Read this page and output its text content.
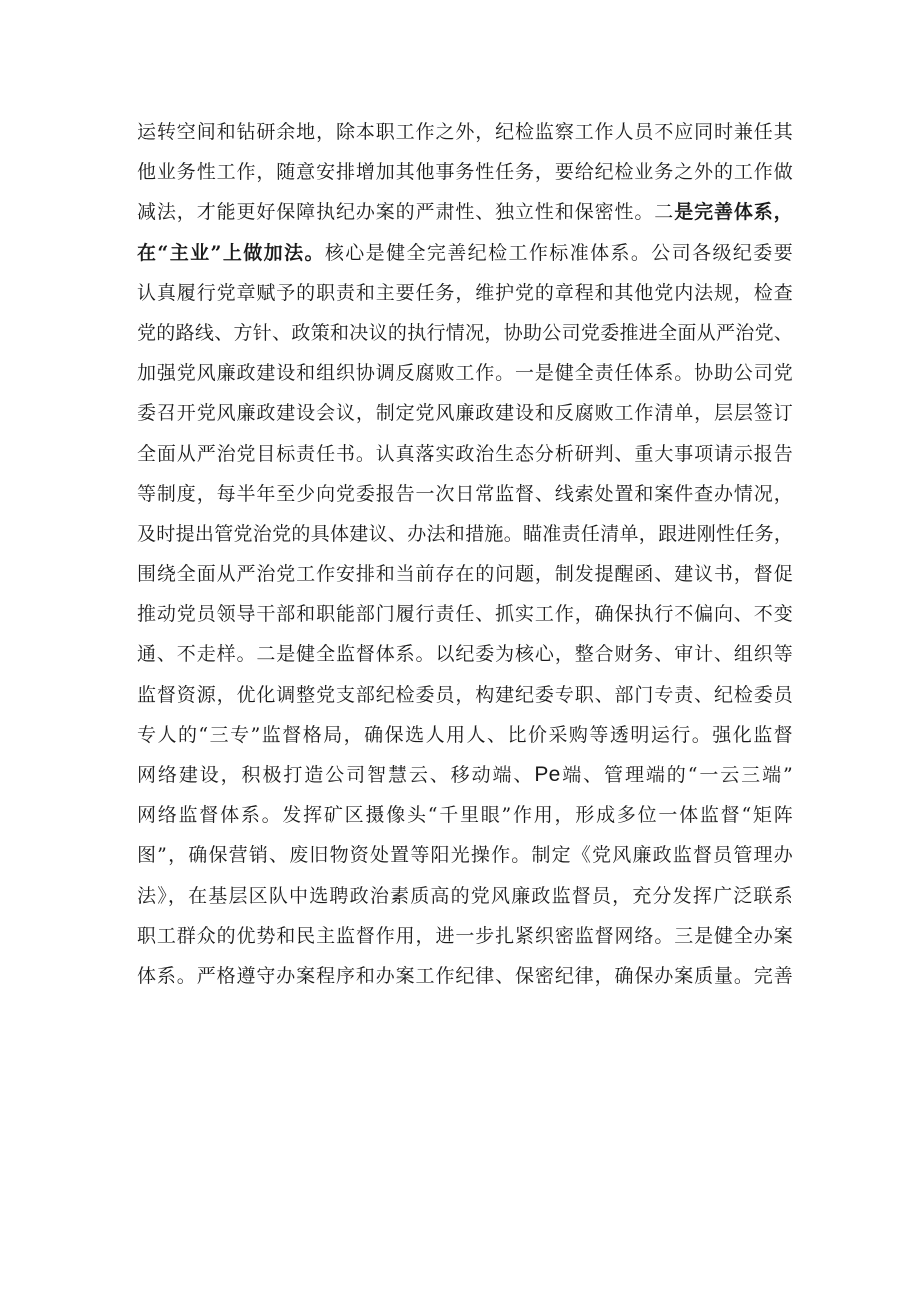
运转空间和钻研余地，除本职工作之外，纪检监察工作人员不应同时兼任其
他业务性工作，随意安排增加其他事务性任务，要给纪检业务之外的工作做
减法，才能更好保障执纪办案的严肃性、独立性和保密性。二是完善体系，
在“主业”上做加法。核心是健全完善纪检工作标准体系。公司各级纪委要
认真履行党章赋予的职责和主要任务，维护党的章程和其他党内法规，检查
党的路线、方针、政策和决议的执行情况，协助公司党委推进全面从严治党、
加强党风廉政建设和组织协调反腐败工作。一是健全责任体系。协助公司党
委召开党风廉政建设会议，制定党风廉政建设和反腐败工作清单，层层签订
全面从严治党目标责任书。认真落实政治生态分析研判、重大事项请示报告
等制度，每半年至少向党委报告一次日常监督、线索处置和案件查办情况，
及时提出管党治党的具体建议、办法和措施。瞄准责任清单，跟进刚性任务，
围绕全面从严治党工作安排和当前存在的问题，制发提醒函、建议书，督促
推动党员领导干部和职能部门履行责任、抓实工作，确保执行不偏向、不变
通、不走样。二是健全监督体系。以纪委为核心，整合财务、审计、组织等
监督资源，优化调整党支部纪检委员，构建纪委专职、部门专责、纪检委员
专人的“三专”监督格局，确保选人用人、比价采购等透明运行。强化监督
网络建设，积极打造公司智慧云、移动端、Pe端、管理端的“一云三端”
网络监督体系。发挥矿区摄像头“千里眼”作用，形成多位一体监督“矩阵
图”，确保营销、废旧物资处置等阳光操作。制定《党风廉政监督员管理办
法》，在基层区队中选聘政治素质高的党风廉政监督员，充分发挥广泛联系
职工群众的优势和民主监督作用，进一步扎紧织密监督网络。三是健全办案
体系。严格遵守办案程序和办案工作纪律、保密纪律，确保办案质量。完善
